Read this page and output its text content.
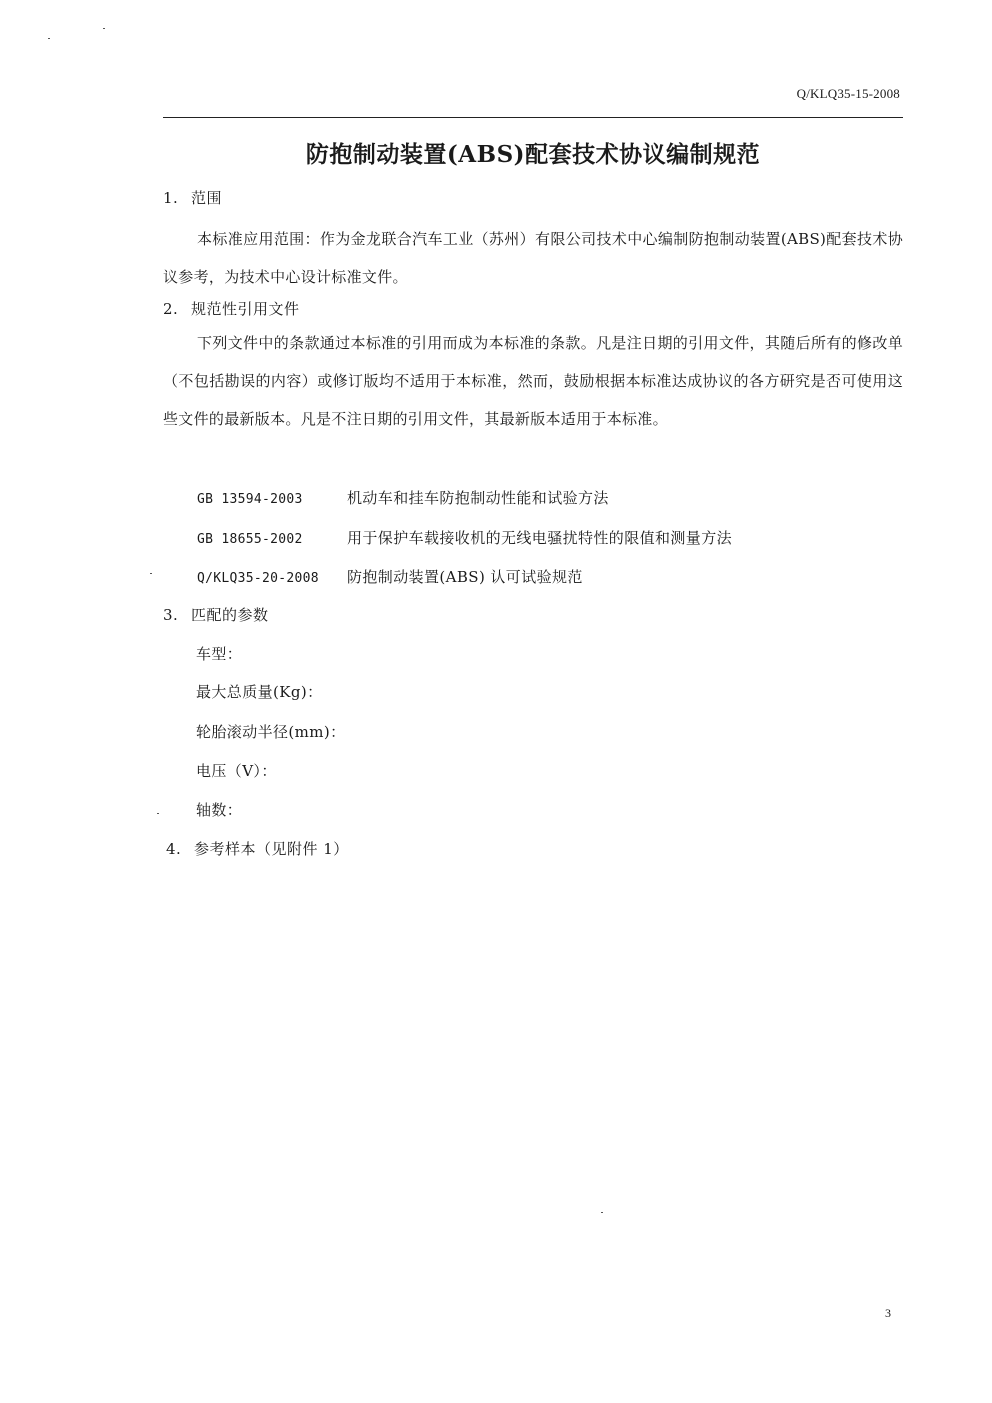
Q/KLQ35-15-2008
防抱制动装置(ABS)配套技术协议编制规范
1. 范围
本标准应用范围：作为金龙联合汽车工业（苏州）有限公司技术中心编制防抱制动装置(ABS)配套技术协议参考，为技术中心设计标准文件。
2. 规范性引用文件
下列文件中的条款通过本标准的引用而成为本标准的条款。凡是注日期的引用文件，其随后所有的修改单（不包括勘误的内容）或修订版均不适用于本标准，然而，鼓励根据本标准达成协议的各方研究是否可使用这些文件的最新版本。凡是不注日期的引用文件，其最新版本适用于本标准。
GB 13594-2003	机动车和挂车防抱制动性能和试验方法
GB 18655-2002	用于保护车载接收机的无线电骚扰特性的限值和测量方法
Q/KLQ35-20-2008 防抱制动装置(ABS) 认可试验规范
3. 匹配的参数
车型：
最大总质量(Kg)：
轮胎滚动半径(mm)：
电压（V）：
轴数：
4. 参考样本（见附件 1）
3
